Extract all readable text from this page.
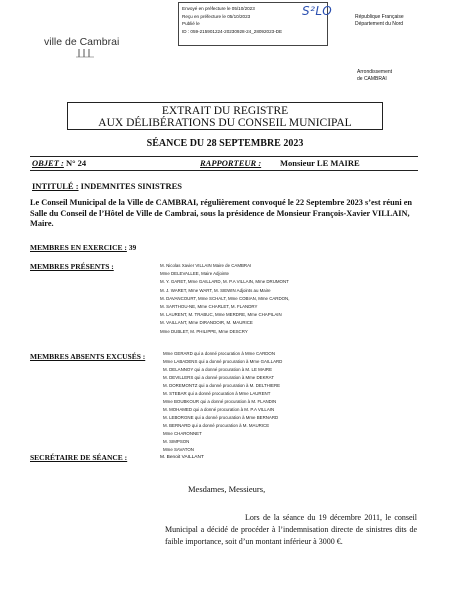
Envoyé en préfecture le 05/10/2023
Reçu en préfecture le 05/10/2023
Publié le
ID : 059-215901224-20230928-24_28092023-DE
S²LO	République Française
Département du Nord
ville de Cambrai
Arrondissement
de CAMBRAI
EXTRAIT DU REGISTRE
AUX DÉLIBÉRATIONS DU CONSEIL MUNICIPAL
SÉANCE DU 28 SEPTEMBRE 2023
OBJET : N° 24	RAPPORTEUR : Monsieur LE MAIRE
INTITULÉ : INDEMNITES SINISTRES
Le Conseil Municipal de la Ville de CAMBRAI, régulièrement convoqué le 22 Septembre 2023 s’est réuni en Salle du Conseil de l’Hôtel de Ville de Cambrai, sous la présidence de Monsieur François-Xavier VILLAIN, Maire.
MEMBRES EN EXERCICE : 39
MEMBRES PRÉSENTS :	M. Nicolas Xavier VILLAIN Maire de CAMBRAI
Mme DELEVALLEE, Maire Adjointe
M. Y. GARET, Mme GAILLARD, M. P.A VILLAIN, Mme DRUMONT
M. J. WARET, Mme WART, M. SIEWIN Adjoints au Maire
M. DAVANCOURT, Mme SCHALT, Mme COBIAN, Mme CARDON,
M. SARTHOU-NE, Mme CHARLET, M. FLANDRY
M. LAURENT, M. TRABUC, Mme MERDRE, Mme CHAPILAIN
M. VAILLANT, Mme DIRANDOIR, M. MAURICE
Mme DUBLET, M. PHILIPPE, Mme DESCRY
MEMBRES ABSENTS EXCUSÉS :	Mme GERARD qui a donné procuration à Mme CARDON
Mme LABADENS qui a donné procuration à Mme GAILLARD
M. DELANNOY qui a donné procuration à M. LE MAIRE
M. DEVILLERS qui a donné procuration à Mme DEKRAT
M. DOREMONTZ qui a donné procuration à M. DELTHIERE
M. STEBAR qui a donné procuration à Mme LAURENT
Mme BOUBKOUR qui a donné procuration à M. FLANDIN
M. MOHAMED qui a donné procuration à M. P.A VILLAIN
M. LEBORGNE qui a donné procuration à Mme BERNARD
M. BERNARD qui a donné procuration à M. MAURICE
Mme CHARONNET
M. SIMPSON
Mme SAVATON
SECRÉTAIRE DE SÉANCE :	M. Benoit VAILLANT
Mesdames, Messieurs,
Lors de la séance du 19 décembre 2011, le conseil Municipal a décidé de procéder à l’indemnisation directe de sinistres dits de faible importance, soit d’un montant inférieur à 3000 €.
